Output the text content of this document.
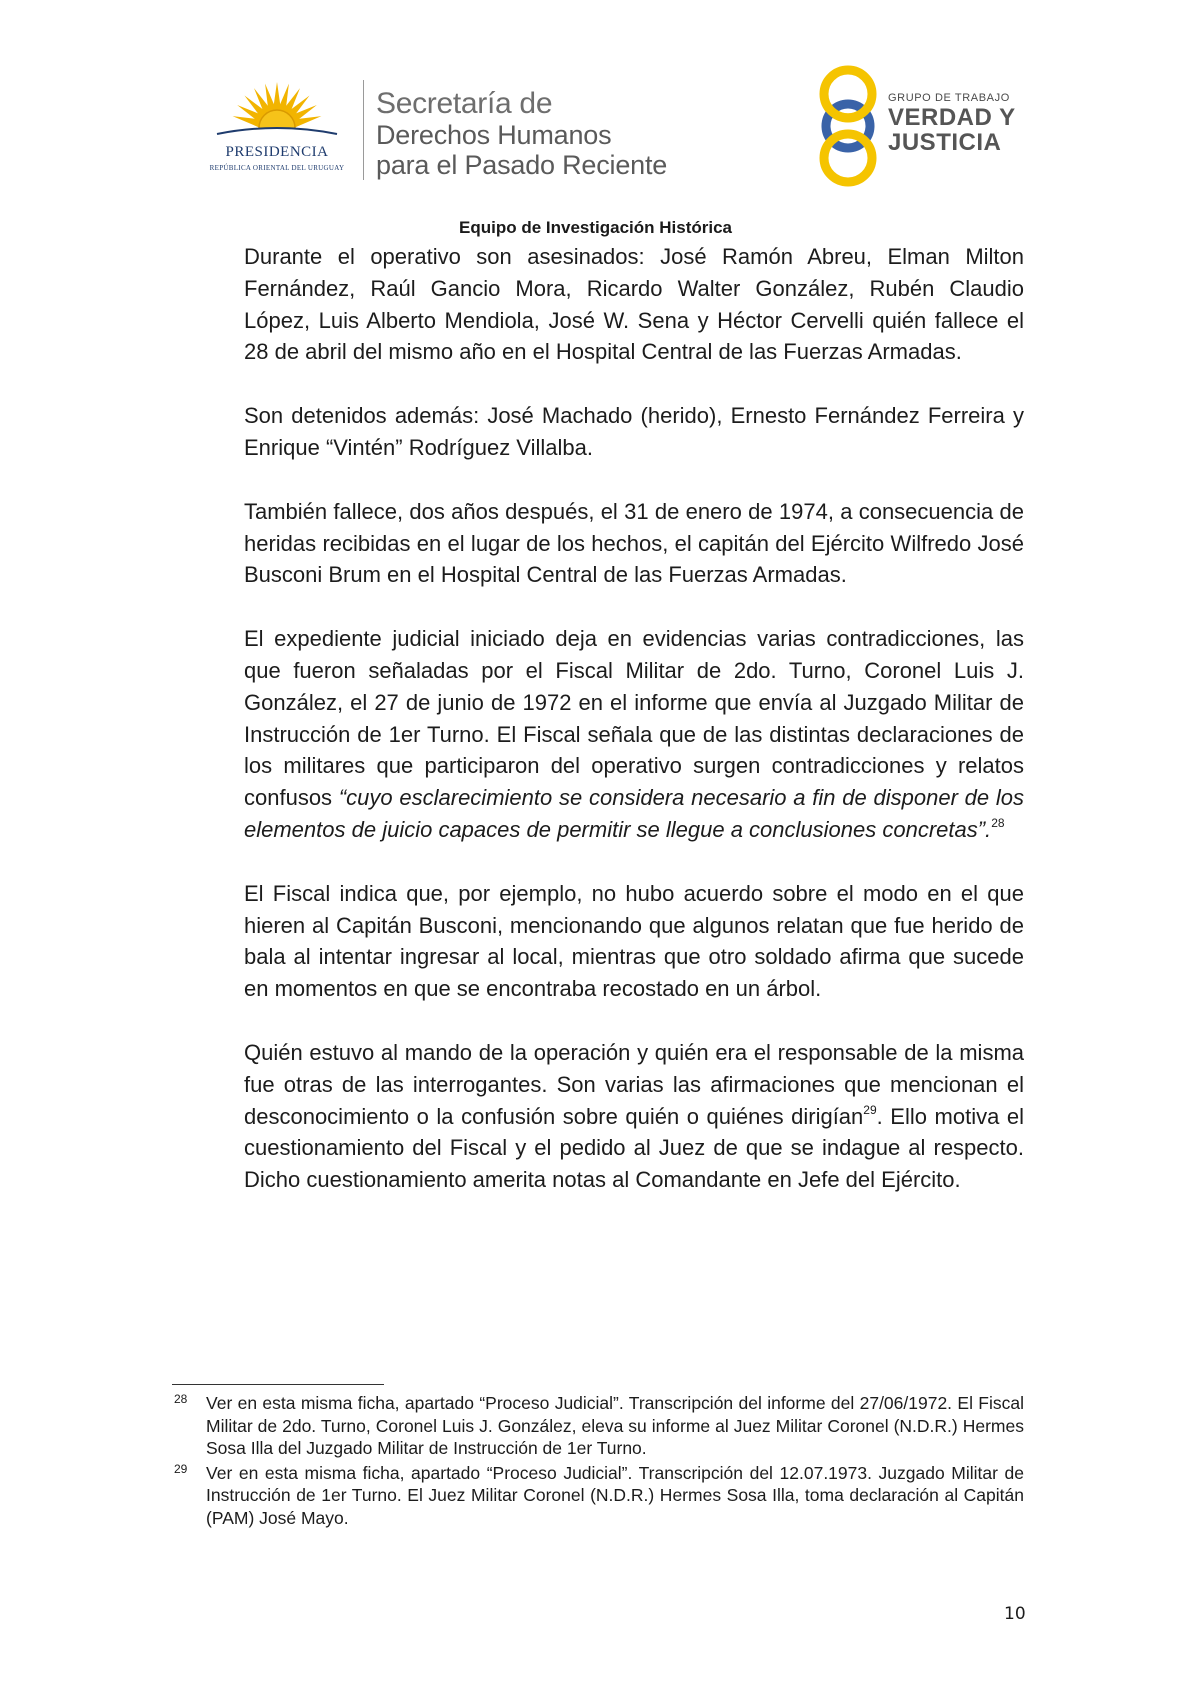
PRESIDENCIA
REPÚBLICA ORIENTAL DEL URUGUAY
Secretaría de
Derechos Humanos
para el Pasado Reciente
GRUPO DE TRABAJO
VERDAD Y
JUSTICIA
Equipo de Investigación Histórica

Durante el operativo son asesinados: José Ramón Abreu, Elman Milton Fernández, Raúl Gancio Mora, Ricardo Walter González, Rubén Claudio López, Luis Alberto Mendiola, José W. Sena y Héctor Cervelli quién fallece el 28 de abril del mismo año en el Hospital Central de las Fuerzas Armadas.

Son detenidos además: José Machado (herido), Ernesto Fernández Ferreira y Enrique “Vintén” Rodríguez Villalba.

También fallece, dos años después, el 31 de enero de 1974, a consecuencia de heridas recibidas en el lugar de los hechos, el capitán del Ejército Wilfredo José Busconi Brum en el Hospital Central de las Fuerzas Armadas.

El expediente judicial iniciado deja en evidencias varias contradicciones, las que fueron señaladas por el Fiscal Militar de 2do. Turno, Coronel Luis J. González, el 27 de junio de 1972 en el informe que envía al Juzgado Militar de Instrucción de 1er Turno. El Fiscal señala que de las distintas declaraciones de los militares que participaron del operativo surgen contradicciones y relatos confusos “cuyo esclarecimiento se considera necesario a fin de disponer de los elementos de juicio capaces de permitir se llegue a conclusiones concretas”.$^{28}$

El Fiscal indica que, por ejemplo, no hubo acuerdo sobre el modo en el que hieren al Capitán Busconi, mencionando que algunos relatan que fue herido de bala al intentar ingresar al local, mientras que otro soldado afirma que sucede en momentos en que se encontraba recostado en un árbol.

Quién estuvo al mando de la operación y quién era el responsable de la misma fue otras de las interrogantes. Son varias las afirmaciones que mencionan el desconocimiento o la confusión sobre quién o quiénes dirigían$^{29}$. Ello motiva el cuestionamiento del Fiscal y el pedido al Juez de que se indague al respecto. Dicho cuestionamiento amerita notas al Comandante en Jefe del Ejército.

28 Ver en esta misma ficha, apartado “Proceso Judicial”. Transcripción del informe del 27/06/1972. El Fiscal Militar de 2do. Turno, Coronel Luis J. González, eleva su informe al Juez Militar Coronel (N.D.R.) Hermes Sosa Illa del Juzgado Militar de Instrucción de 1er Turno.
29 Ver en esta misma ficha, apartado “Proceso Judicial”. Transcripción del 12.07.1973. Juzgado Militar de Instrucción de 1er Turno. El Juez Militar Coronel (N.D.R.) Hermes Sosa Illa, toma declaración al Capitán (PAM) José Mayo.
10
